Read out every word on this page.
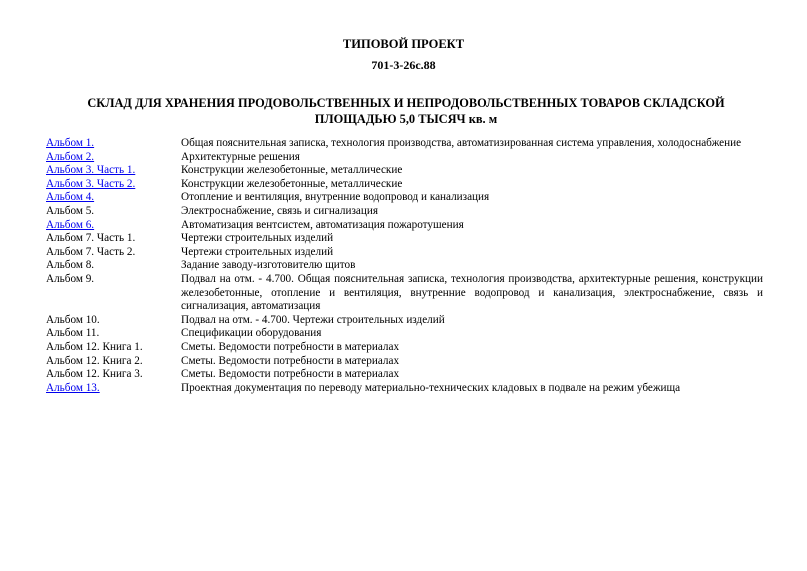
ТИПОВОЙ ПРОЕКТ
701-3-26с.88
СКЛАД ДЛЯ ХРАНЕНИЯ ПРОДОВОЛЬСТВЕННЫХ И НЕПРОДОВОЛЬСТВЕННЫХ ТОВАРОВ СКЛАДСКОЙ ПЛОЩАДЬЮ 5,0 ТЫСЯЧ кв. м
Альбом 1.	Общая пояснительная записка, технология производства, автоматизированная система управления, холодоснабжение
Альбом 2.	Архитектурные решения
Альбом 3. Часть 1.	Конструкции железобетонные, металлические
Альбом 3. Часть 2.	Конструкции железобетонные, металлические
Альбом 4.	Отопление и вентиляция, внутренние водопровод и канализация
Альбом 5.	Электроснабжение, связь и сигнализация
Альбом 6.	Автоматизация вентсистем, автоматизация пожаротушения
Альбом 7. Часть 1.	Чертежи строительных изделий
Альбом 7. Часть 2.	Чертежи строительных изделий
Альбом 8.	Задание заводу-изготовителю щитов
Альбом 9.	Подвал на отм. - 4.700. Общая пояснительная записка, технология производства, архитектурные решения, конструкции железобетонные, отопление и вентиляция, внутренние водопровод и канализация, электроснабжение, связь и сигнализация, автоматизация
Альбом 10.	Подвал на отм. - 4.700. Чертежи строительных изделий
Альбом 11.	Спецификации оборудования
Альбом 12. Книга 1.	Сметы. Ведомости потребности в материалах
Альбом 12. Книга 2.	Сметы. Ведомости потребности в материалах
Альбом 12. Книга 3.	Сметы. Ведомости потребности в материалах
Альбом 13.	Проектная документация по переводу материально-технических кладовых в подвале на режим убежища
